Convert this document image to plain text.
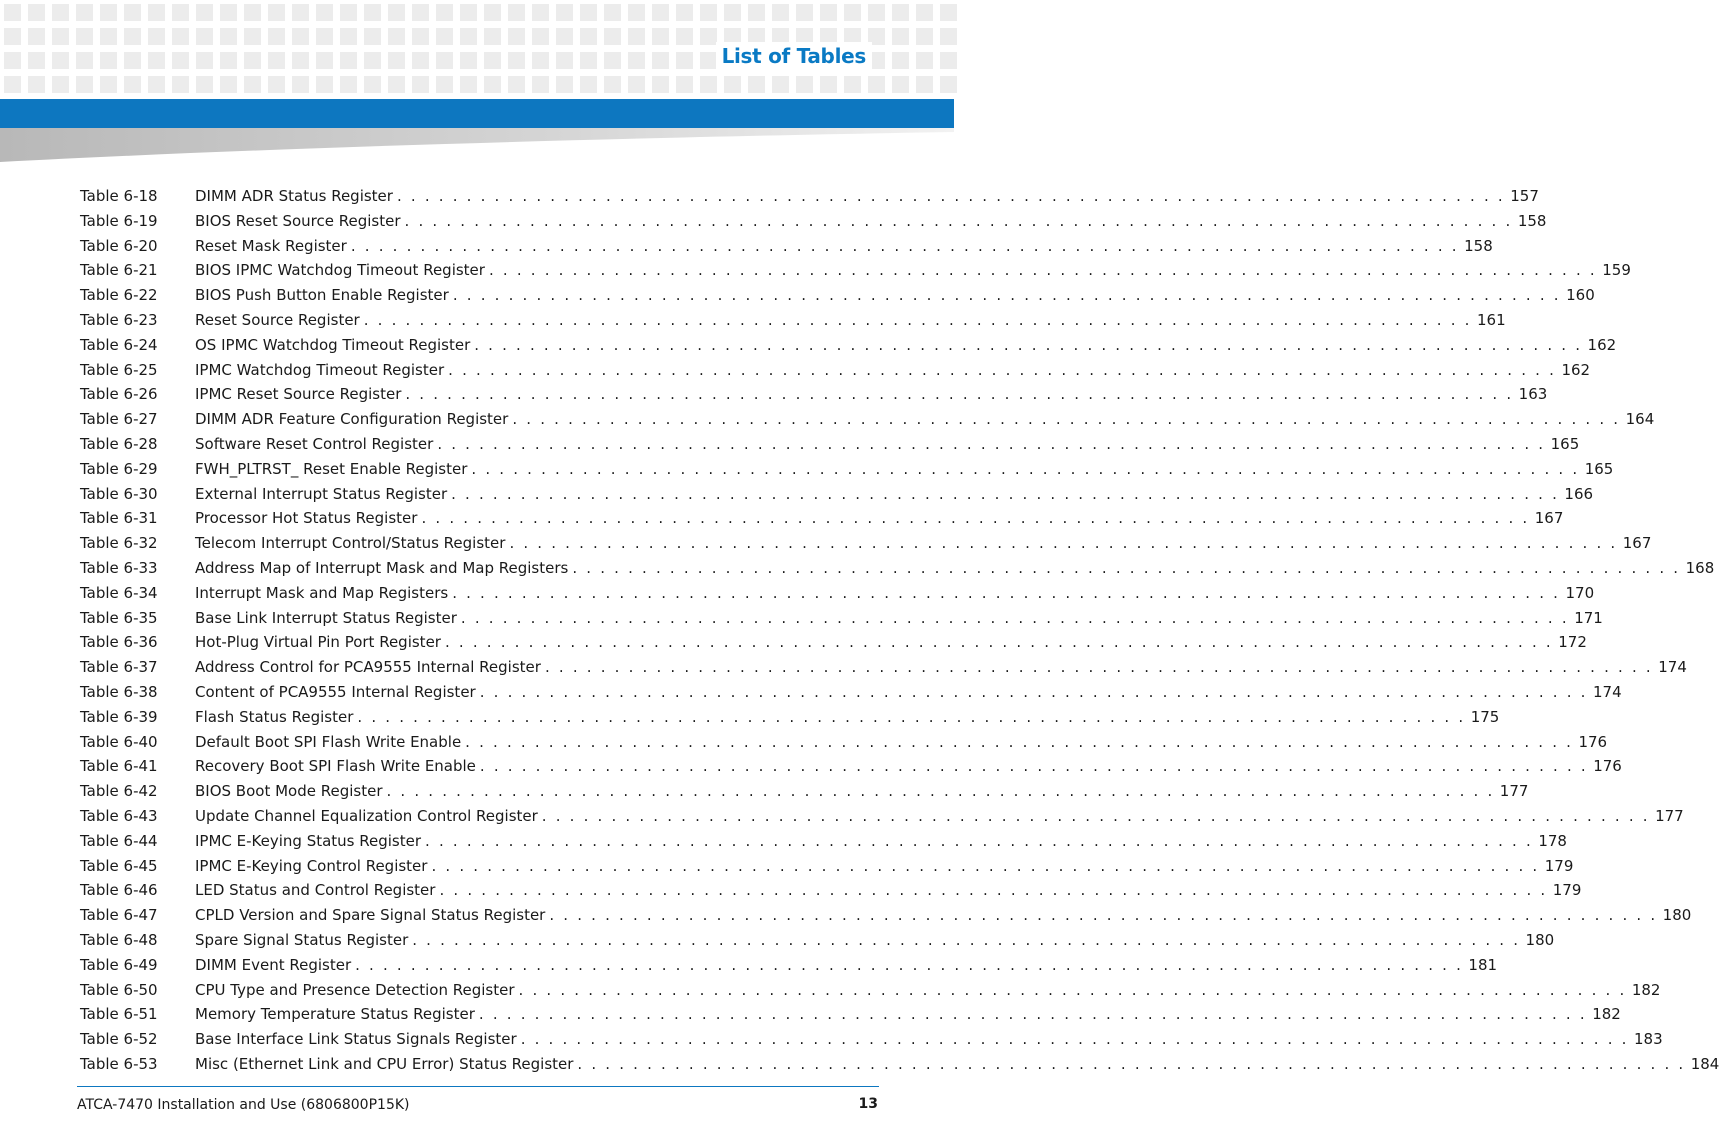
List of Tables
Table 6-18	DIMM ADR Status Register . . . . . . . . . . . . . . . . . . . . . . . . . . . . . . . . . . . . . . . . . . . . . . . . . . . . . . . . . . . . . . . . . . . . . . . . . . . . . . . . 157
Table 6-19	BIOS Reset Source Register . . . . . . . . . . . . . . . . . . . . . . . . . . . . . . . . . . . . . . . . . . . . . . . . . . . . . . . . . . . . . . . . . . . . . . . . . . . . . . . . 158
Table 6-20	Reset Mask Register . . . . . . . . . . . . . . . . . . . . . . . . . . . . . . . . . . . . . . . . . . . . . . . . . . . . . . . . . . . . . . . . . . . . . . . . . . . . . . . . 158
Table 6-21	BIOS IPMC Watchdog Timeout Register . . . . . . . . . . . . . . . . . . . . . . . . . . . . . . . . . . . . . . . . . . . . . . . . . . . . . . . . . . . . . . . . . . . . . . . . . . . . . . . . 159
Table 6-22	BIOS Push Button Enable Register . . . . . . . . . . . . . . . . . . . . . . . . . . . . . . . . . . . . . . . . . . . . . . . . . . . . . . . . . . . . . . . . . . . . . . . . . . . . . . . . 160
Table 6-23	Reset Source Register . . . . . . . . . . . . . . . . . . . . . . . . . . . . . . . . . . . . . . . . . . . . . . . . . . . . . . . . . . . . . . . . . . . . . . . . . . . . . . . . 161
Table 6-24	OS IPMC Watchdog Timeout Register . . . . . . . . . . . . . . . . . . . . . . . . . . . . . . . . . . . . . . . . . . . . . . . . . . . . . . . . . . . . . . . . . . . . . . . . . . . . . . . . 162
Table 6-25	IPMC Watchdog Timeout Register . . . . . . . . . . . . . . . . . . . . . . . . . . . . . . . . . . . . . . . . . . . . . . . . . . . . . . . . . . . . . . . . . . . . . . . . . . . . . . . . 162
Table 6-26	IPMC Reset Source Register . . . . . . . . . . . . . . . . . . . . . . . . . . . . . . . . . . . . . . . . . . . . . . . . . . . . . . . . . . . . . . . . . . . . . . . . . . . . . . . . 163
Table 6-27	DIMM ADR Feature Configuration Register . . . . . . . . . . . . . . . . . . . . . . . . . . . . . . . . . . . . . . . . . . . . . . . . . . . . . . . . . . . . . . . . . . . . . . . . . . . . . . . . 164
Table 6-28	Software Reset Control Register . . . . . . . . . . . . . . . . . . . . . . . . . . . . . . . . . . . . . . . . . . . . . . . . . . . . . . . . . . . . . . . . . . . . . . . . . . . . . . . . 165
Table 6-29	FWH_PLTRST_ Reset Enable Register . . . . . . . . . . . . . . . . . . . . . . . . . . . . . . . . . . . . . . . . . . . . . . . . . . . . . . . . . . . . . . . . . . . . . . . . . . . . . . . . 165
Table 6-30	External Interrupt Status Register . . . . . . . . . . . . . . . . . . . . . . . . . . . . . . . . . . . . . . . . . . . . . . . . . . . . . . . . . . . . . . . . . . . . . . . . . . . . . . . . 166
Table 6-31	Processor Hot Status Register . . . . . . . . . . . . . . . . . . . . . . . . . . . . . . . . . . . . . . . . . . . . . . . . . . . . . . . . . . . . . . . . . . . . . . . . . . . . . . . . 167
Table 6-32	Telecom Interrupt Control/Status Register . . . . . . . . . . . . . . . . . . . . . . . . . . . . . . . . . . . . . . . . . . . . . . . . . . . . . . . . . . . . . . . . . . . . . . . . . . . . . . . . 167
Table 6-33	Address Map of Interrupt Mask and Map Registers . . . . . . . . . . . . . . . . . . . . . . . . . . . . . . . . . . . . . . . . . . . . . . . . . . . . . . . . . . . . . . . . . . . . . . . . . . . . . . . . 168
Table 6-34	Interrupt Mask and Map Registers . . . . . . . . . . . . . . . . . . . . . . . . . . . . . . . . . . . . . . . . . . . . . . . . . . . . . . . . . . . . . . . . . . . . . . . . . . . . . . . . 170
Table 6-35	Base Link Interrupt Status Register . . . . . . . . . . . . . . . . . . . . . . . . . . . . . . . . . . . . . . . . . . . . . . . . . . . . . . . . . . . . . . . . . . . . . . . . . . . . . . . . 171
Table 6-36	Hot-Plug Virtual Pin Port Register . . . . . . . . . . . . . . . . . . . . . . . . . . . . . . . . . . . . . . . . . . . . . . . . . . . . . . . . . . . . . . . . . . . . . . . . . . . . . . . . 172
Table 6-37	Address Control for PCA9555 Internal Register . . . . . . . . . . . . . . . . . . . . . . . . . . . . . . . . . . . . . . . . . . . . . . . . . . . . . . . . . . . . . . . . . . . . . . . . . . . . . . . . 174
Table 6-38	Content of PCA9555 Internal Register . . . . . . . . . . . . . . . . . . . . . . . . . . . . . . . . . . . . . . . . . . . . . . . . . . . . . . . . . . . . . . . . . . . . . . . . . . . . . . . . 174
Table 6-39	Flash Status Register . . . . . . . . . . . . . . . . . . . . . . . . . . . . . . . . . . . . . . . . . . . . . . . . . . . . . . . . . . . . . . . . . . . . . . . . . . . . . . . . 175
Table 6-40	Default Boot SPI Flash Write Enable . . . . . . . . . . . . . . . . . . . . . . . . . . . . . . . . . . . . . . . . . . . . . . . . . . . . . . . . . . . . . . . . . . . . . . . . . . . . . . . . 176
Table 6-41	Recovery Boot SPI Flash Write Enable . . . . . . . . . . . . . . . . . . . . . . . . . . . . . . . . . . . . . . . . . . . . . . . . . . . . . . . . . . . . . . . . . . . . . . . . . . . . . . . . 176
Table 6-42	BIOS Boot Mode Register . . . . . . . . . . . . . . . . . . . . . . . . . . . . . . . . . . . . . . . . . . . . . . . . . . . . . . . . . . . . . . . . . . . . . . . . . . . . . . . . 177
Table 6-43	Update Channel Equalization Control Register . . . . . . . . . . . . . . . . . . . . . . . . . . . . . . . . . . . . . . . . . . . . . . . . . . . . . . . . . . . . . . . . . . . . . . . . . . . . . . . . 177
Table 6-44	IPMC E-Keying Status Register . . . . . . . . . . . . . . . . . . . . . . . . . . . . . . . . . . . . . . . . . . . . . . . . . . . . . . . . . . . . . . . . . . . . . . . . . . . . . . . . 178
Table 6-45	IPMC E-Keying Control Register . . . . . . . . . . . . . . . . . . . . . . . . . . . . . . . . . . . . . . . . . . . . . . . . . . . . . . . . . . . . . . . . . . . . . . . . . . . . . . . . 179
Table 6-46	LED Status and Control Register . . . . . . . . . . . . . . . . . . . . . . . . . . . . . . . . . . . . . . . . . . . . . . . . . . . . . . . . . . . . . . . . . . . . . . . . . . . . . . . . 179
Table 6-47	CPLD Version and Spare Signal Status Register . . . . . . . . . . . . . . . . . . . . . . . . . . . . . . . . . . . . . . . . . . . . . . . . . . . . . . . . . . . . . . . . . . . . . . . . . . . . . . . . 180
Table 6-48	Spare Signal Status Register . . . . . . . . . . . . . . . . . . . . . . . . . . . . . . . . . . . . . . . . . . . . . . . . . . . . . . . . . . . . . . . . . . . . . . . . . . . . . . . . 180
Table 6-49	DIMM Event Register . . . . . . . . . . . . . . . . . . . . . . . . . . . . . . . . . . . . . . . . . . . . . . . . . . . . . . . . . . . . . . . . . . . . . . . . . . . . . . . . 181
Table 6-50	CPU Type and Presence Detection Register . . . . . . . . . . . . . . . . . . . . . . . . . . . . . . . . . . . . . . . . . . . . . . . . . . . . . . . . . . . . . . . . . . . . . . . . . . . . . . . . 182
Table 6-51	Memory Temperature Status Register . . . . . . . . . . . . . . . . . . . . . . . . . . . . . . . . . . . . . . . . . . . . . . . . . . . . . . . . . . . . . . . . . . . . . . . . . . . . . . . . 182
Table 6-52	Base Interface Link Status Signals Register . . . . . . . . . . . . . . . . . . . . . . . . . . . . . . . . . . . . . . . . . . . . . . . . . . . . . . . . . . . . . . . . . . . . . . . . . . . . . . . . 183
Table 6-53	Misc (Ethernet Link and CPU Error) Status Register . . . . . . . . . . . . . . . . . . . . . . . . . . . . . . . . . . . . . . . . . . . . . . . . . . . . . . . . . . . . . . . . . . . . . . . . . . . . . . . . 184
ATCA-7470 Installation and Use (6806800P15K)	13
